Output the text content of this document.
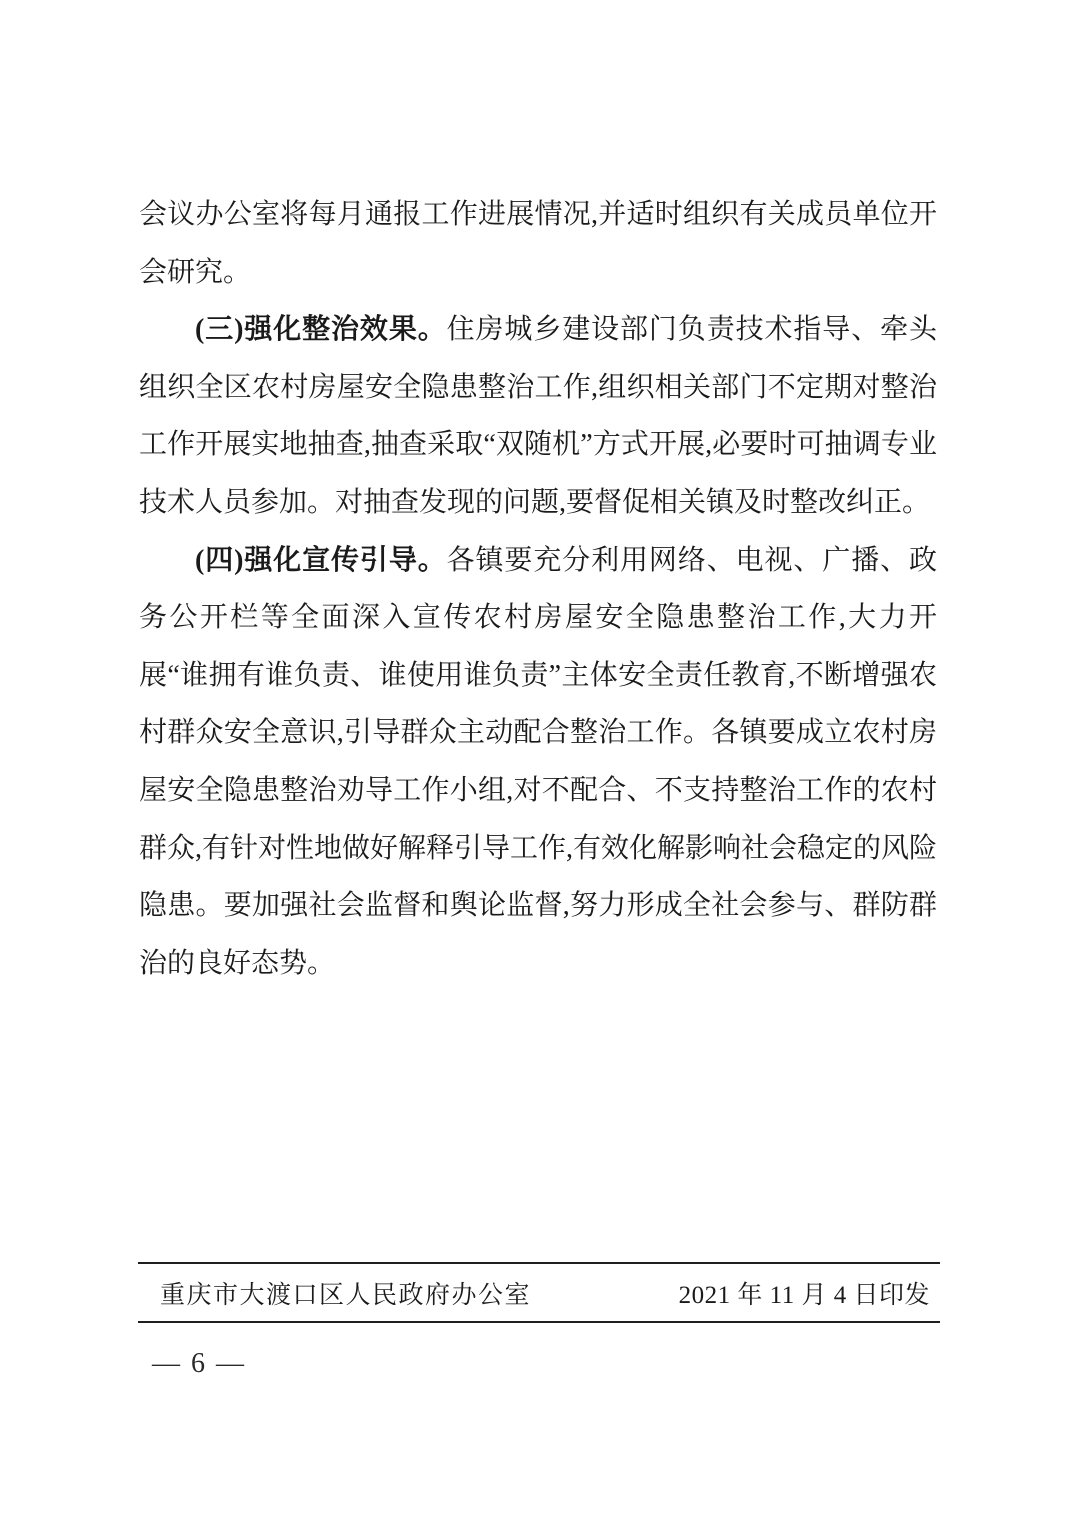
会议办公室将每月通报工作进展情况,并适时组织有关成员单位开会研究。

(三)强化整治效果。住房城乡建设部门负责技术指导、牵头组织全区农村房屋安全隐患整治工作,组织相关部门不定期对整治工作开展实地抽查,抽查采取“双随机”方式开展,必要时可抽调专业技术人员参加。对抽查发现的问题,要督促相关镇及时整改纠正。

(四)强化宣传引导。各镇要充分利用网络、电视、广播、政务公开栏等全面深入宣传农村房屋安全隐患整治工作,大力开展“谁拥有谁负责、谁使用谁负责”主体安全责任教育,不断增强农村群众安全意识,引导群众主动配合整治工作。各镇要成立农村房屋安全隐患整治劝导工作小组,对不配合、不支持整治工作的农村群众,有针对性地做好解释引导工作,有效化解影响社会稳定的风险隐患。要加强社会监督和舆论监督,努力形成全社会参与、群防群治的良好态势。

重庆市大渡口区人民政府办公室	2021 年 11 月 4 日印发
— 6 —
